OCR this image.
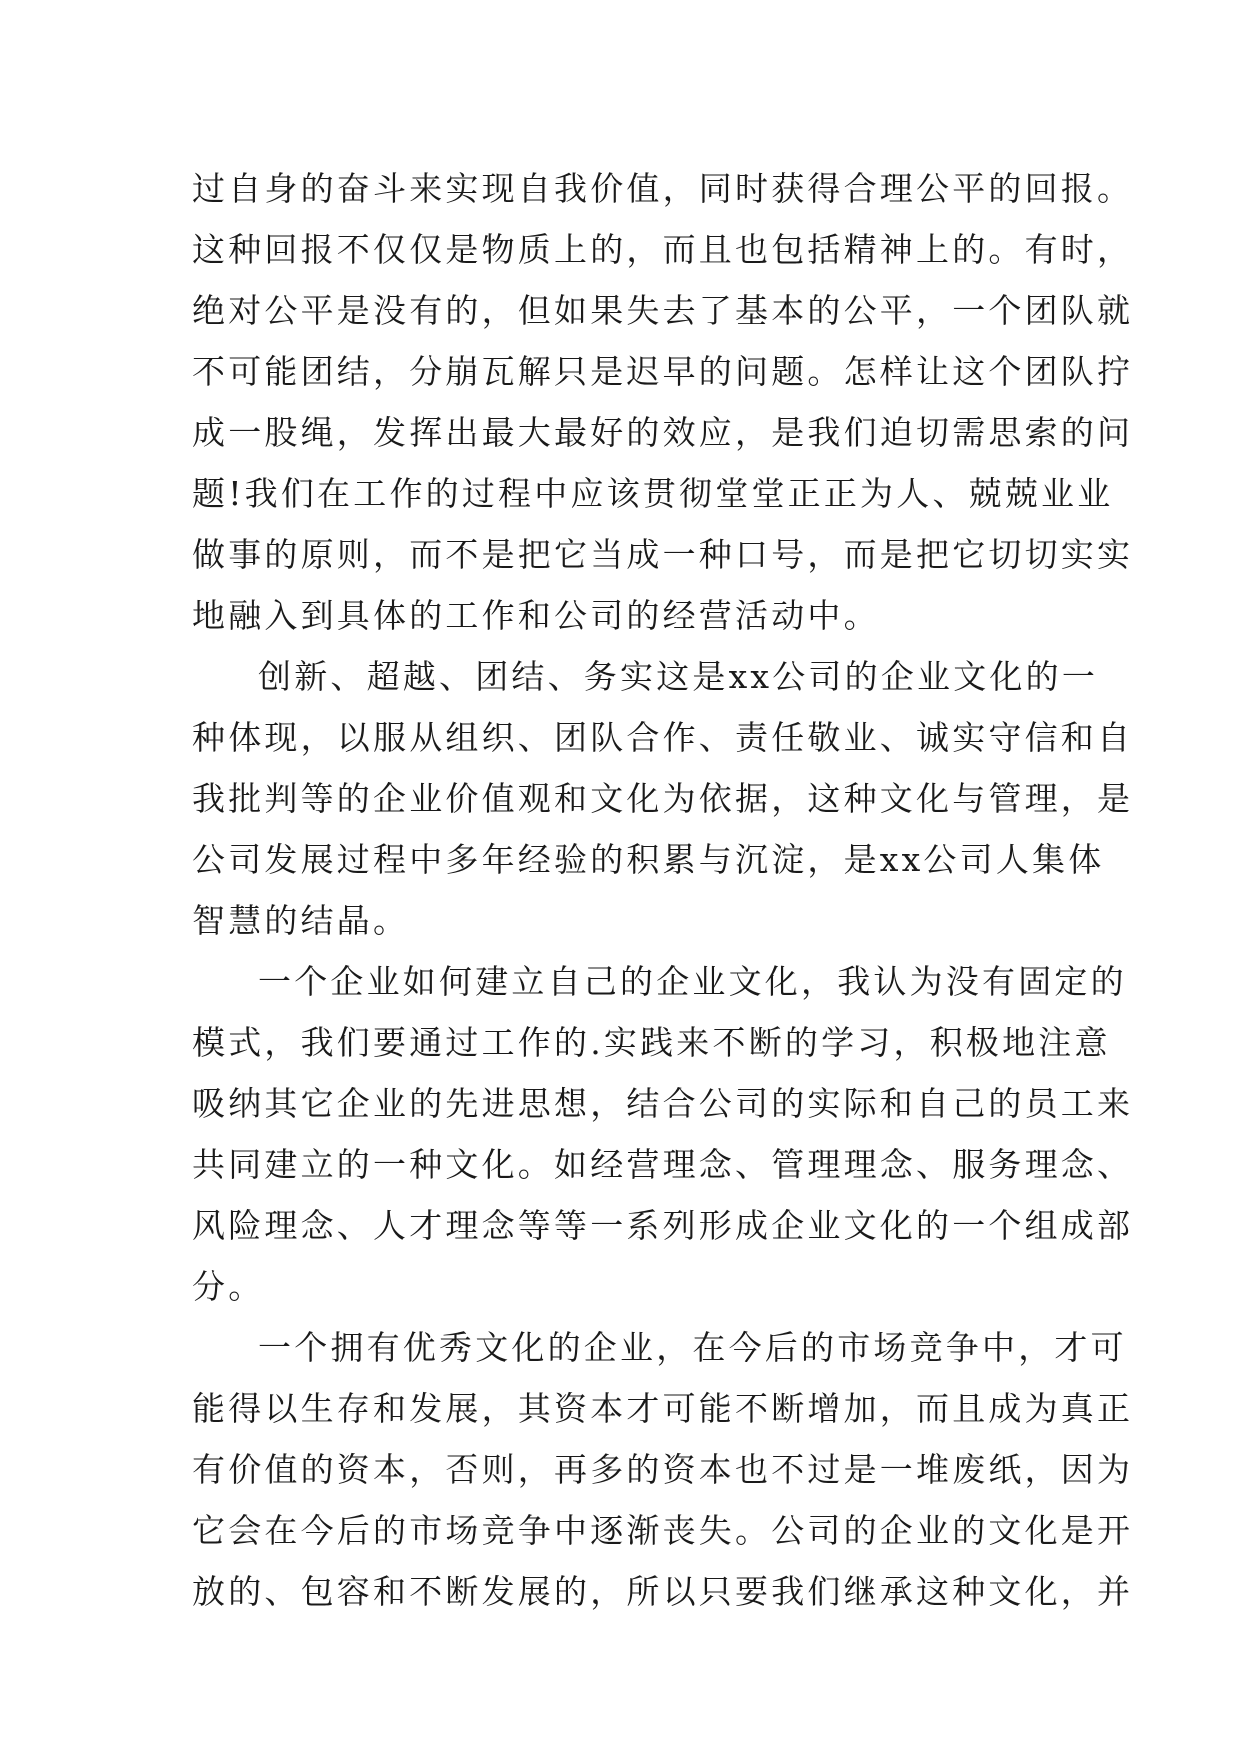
过自身的奋斗来实现自我价值，同时获得合理公平的回报。
这种回报不仅仅是物质上的，而且也包括精神上的。有时，
绝对公平是没有的，但如果失去了基本的公平，一个团队就
不可能团结，分崩瓦解只是迟早的问题。怎样让这个团队拧
成一股绳，发挥出最大最好的效应，是我们迫切需思索的问
题!我们在工作的过程中应该贯彻堂堂正正为人、兢兢业业
做事的原则，而不是把它当成一种口号，而是把它切切实实
地融入到具体的工作和公司的经营活动中。
创新、超越、团结、务实这是xx公司的企业文化的一
种体现，以服从组织、团队合作、责任敬业、诚实守信和自
我批判等的企业价值观和文化为依据，这种文化与管理，是
公司发展过程中多年经验的积累与沉淀，是xx公司人集体
智慧的结晶。
一个企业如何建立自己的企业文化，我认为没有固定的
模式，我们要通过工作的.实践来不断的学习，积极地注意
吸纳其它企业的先进思想，结合公司的实际和自己的员工来
共同建立的一种文化。如经营理念、管理理念、服务理念、
风险理念、人才理念等等一系列形成企业文化的一个组成部
分。
一个拥有优秀文化的企业，在今后的市场竞争中，才可
能得以生存和发展，其资本才可能不断增加，而且成为真正
有价值的资本，否则，再多的资本也不过是一堆废纸，因为
它会在今后的市场竞争中逐渐丧失。公司的企业的文化是开
放的、包容和不断发展的，所以只要我们继承这种文化，并
